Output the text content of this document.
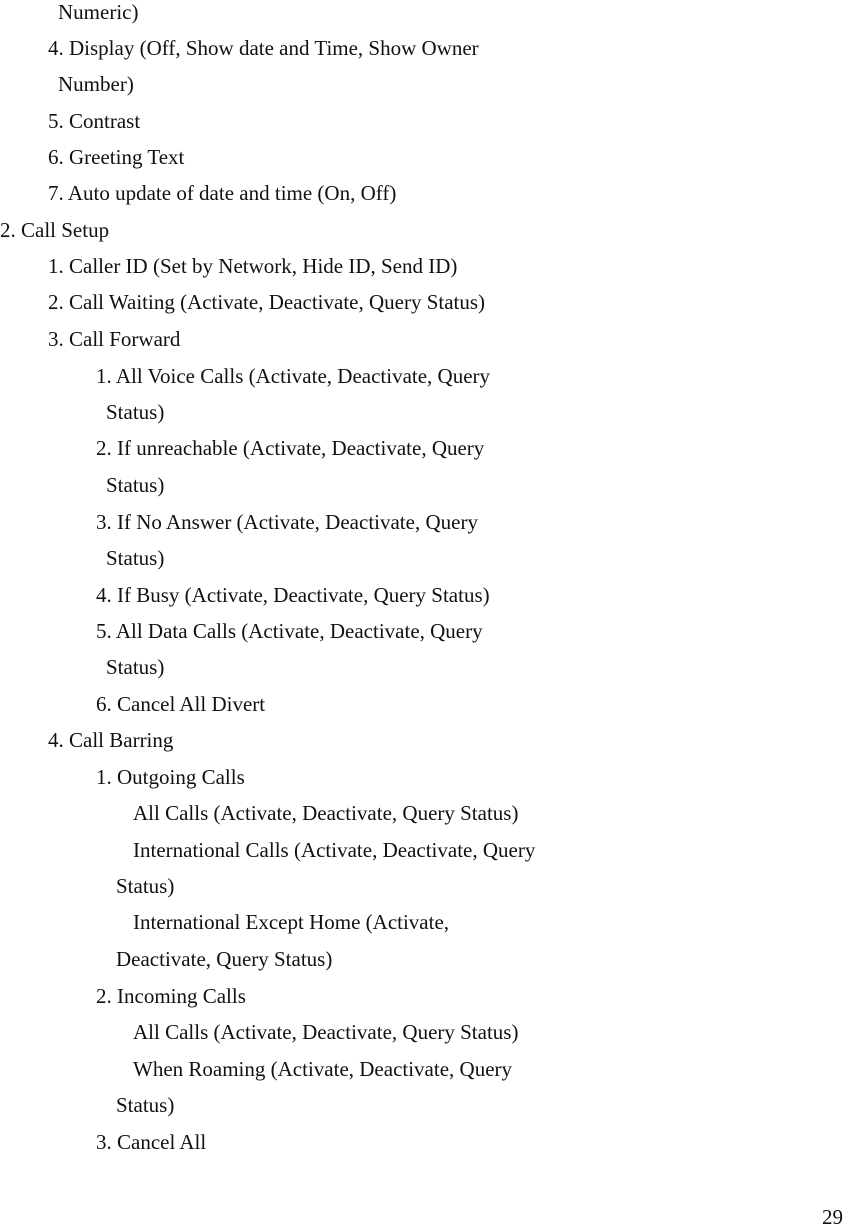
Numeric)

4. Display (Off, Show date and Time, Show Owner

Number)

5. Contrast

6. Greeting Text

7. Auto update of date and time (On, Off)

2. Call Setup

1. Caller ID (Set by Network, Hide ID, Send ID)

2. Call Waiting (Activate, Deactivate, Query Status)

3. Call Forward

1. All Voice Calls (Activate, Deactivate, Query

Status)

2. If unreachable (Activate, Deactivate, Query

Status)

3. If No Answer (Activate, Deactivate, Query

Status)

4. If Busy (Activate, Deactivate, Query Status)

5. All Data Calls (Activate, Deactivate, Query

Status)

6. Cancel All Divert

4. Call Barring

1. Outgoing Calls

All Calls (Activate, Deactivate, Query Status)

International Calls (Activate, Deactivate, Query

Status)

International Except Home (Activate,

Deactivate, Query Status)

2. Incoming Calls

All Calls (Activate, Deactivate, Query Status)

When Roaming (Activate, Deactivate, Query

Status)

3. Cancel All

29
